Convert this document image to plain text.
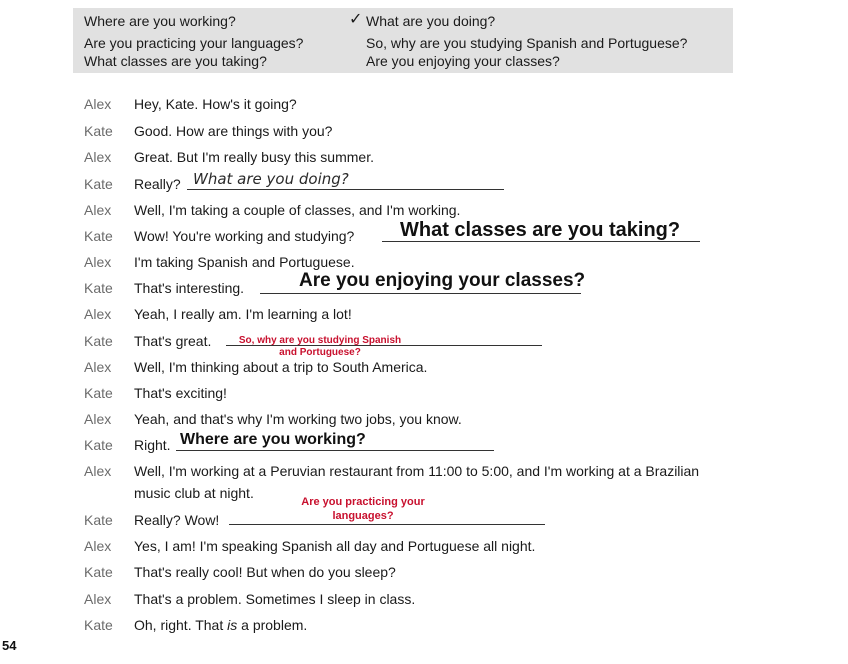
Where are you working?
Are you practicing your languages?
What classes are you taking?
✓ What are you doing?
So, why are you studying Spanish and Portuguese?
Are you enjoying your classes?
Alex Hey, Kate. How's it going?
Kate Good. How are things with you?
Alex Great. But I'm really busy this summer.
Kate Really? What are you doing?
Alex Well, I'm taking a couple of classes, and I'm working.
Kate Wow! You're working and studying? What classes are you taking?
Alex I'm taking Spanish and Portuguese.
Kate That's interesting.	Are you enjoying your classes?
Alex Yeah, I really am. I'm learning a lot!
Kate That's great.	So, why are you studying Spanish
and Portuguese?
Alex Well, I'm thinking about a trip to South America.
Kate That's exciting!
Alex Yeah, and that's why I'm working two jobs, you know.
Kate Right. Where are you working?
Alex Well, I'm working at a Peruvian restaurant from 11:00 to 5:00, and I'm working at a Brazilian
music club at night.
Kate Really? Wow!
Are you practicing your
languages?
Alex Yes, I am! I'm speaking Spanish all day and Portuguese all night.
Kate That's really cool! But when do you sleep?
Alex That's a problem. Sometimes I sleep in class.
Kate Oh, right. That is a problem.
54
